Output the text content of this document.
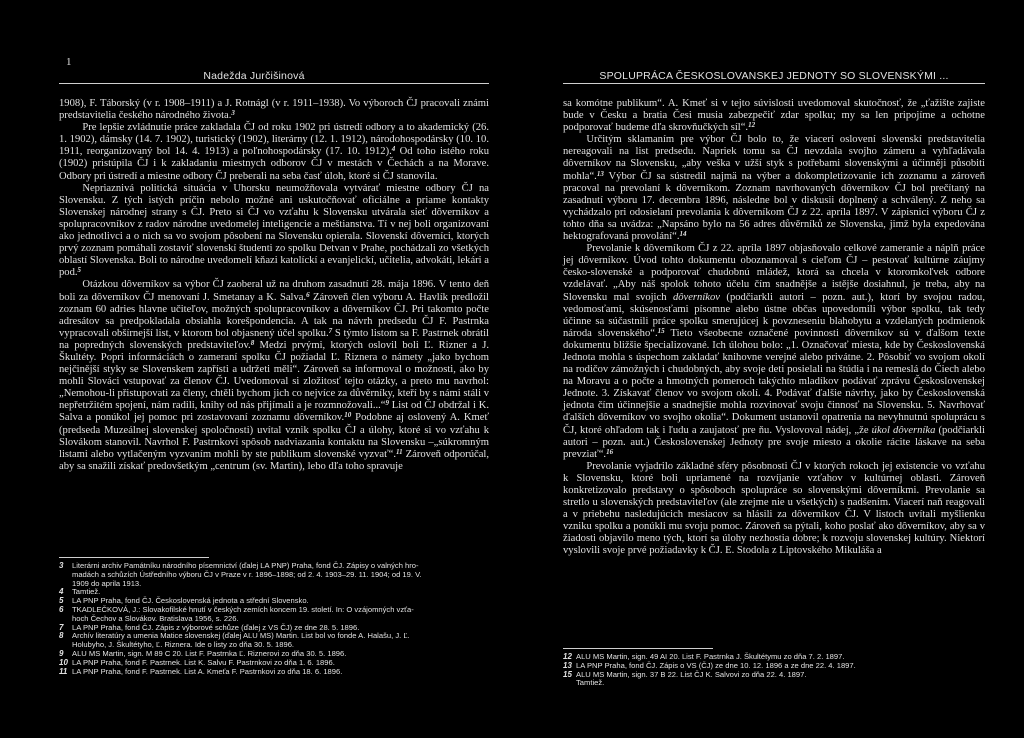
1
Nadežda Jurčišinová

1908), F. Táborský (v r. 1908–1911) a J. Rotnágl (v r. 1911–1938). Vo výboroch ČJ pracovali známi predstavitelia českého národného života.$^3$

Pre lepšie zvládnutie práce zakladala ČJ od roku 1902 pri ústredí odbory a to akademický (26. 1. 1902), dámsky (14. 7. 1902), turistický (1902), literárny (12. 1. 1912), národohospodársky (10. 10. 1911, reorganizovaný bol 14. 4. 1913) a poľnohospodársky (17. 10. 1912).$^4$ Od toho istého roku (1902) pristúpila ČJ i k zakladaniu miestnych odborov ČJ v mestách v Čechách a na Morave. Odbory pri ústredí a miestne odbory ČJ preberali na seba časť úloh, ktoré si ČJ stanovila.

Nepriaznivá politická situácia v Uhorsku neumožňovala vytvárať miestne odbory ČJ na Slovensku. Z tých istých príčin nebolo možné ani uskutočňovať oficiálne a priame kontakty Slovenskej národnej strany s ČJ. Preto si ČJ vo vzťahu k Slovensku utvárala sieť dôverníkov a spolupracovníkov z radov národne uvedomelej inteligencie a meštianstva. Tí v nej boli organizovaní ako jednotlivci a o nich sa vo svojom pôsobení na Slovensku opierala. Slovenskí dôverníci, ktorých prvý zoznam pomáhali zostaviť slovenskí študenti zo spolku Detvan v Prahe, pochádzali zo všetkých oblastí Slovenska. Boli to národne uvedomelí kňazi katolíckí a evanjelickí, učitelia, advokáti, lekári a pod.$^5$

Otázkou dôverníkov sa výbor ČJ zaoberal už na druhom zasadnutí 28. mája 1896. V tento deň boli za dôverníkov ČJ menovaní J. Smetanay a K. Salva.$^6$ Zároveň člen výboru A. Havlík predložil zoznam 60 adries hlavne učiteľov, možných spolupracovníkov a dôverníkov ČJ. Pri takomto počte adresátov sa predpokladala obsiahla korešpondencia. A tak na návrh predsedu ČJ F. Pastrnka vypracovali obšírnejší list, v ktorom bol objasnený účel spolku.$^7$ S týmto listom sa F. Pastrnek obrátil na popredných slovenských predstaviteľov.$^8$ Medzi prvými, ktorých oslovil boli Ľ. Rizner a J. Škultéty. Popri informáciách o zameraní spolku ČJ požiadal Ľ. Riznera o námety „jako bychom nejčinější styky se Slovenskem zapřísti a udržeti měli“. Zároveň sa informoval o možnosti, ako by mohli Slováci vstupovať za členov ČJ. Uvedomoval si zložitosť tejto otázky, a preto mu navrhol: „Nemohou-li přistupovati za členy, chtěli bychom jich co nejvíce za důvěrníky, kteří by s námi stáli v nepřetržitém spojení, nám radili, knihy od nás přijímali a je rozmnožovali...“$^9$ List od ČJ obdržal i K. Salva a ponúkol jej pomoc pri zostavovaní zoznamu dôverníkov.$^{10}$ Podobne aj oslovený A. Kmeť (predseda Muzeálnej slovenskej spoločnosti) uvítal vznik spolku ČJ a úlohy, ktoré si vo vzťahu k Slovákom stanovil. Navrhol F. Pastrnkovi spôsob nadviazania kontaktu na Slovensku –„súkromným listami alebo vytlačeným vyzvaním mohli by ste publikum slovenské vyzvať“.$^{11}$ Zároveň odporúčal, aby sa snažili získať predovšetkým „centrum (sv. Martin), lebo dľa toho spravuje

3	Literárni archiv Památníku národního písemnictví (ďalej LA PNP) Praha, fond ČJ. Zápisy o valných hro-
madách a schůzích Ústředního výboru ČJ v Praze v r. 1896–1898; od 2. 4. 1903–29. 11. 1904; od 19. V.
1909 do aprila 1913.
4	Tamtiež.
5	LA PNP Praha, fond ČJ. Československá jednota a střední Slovensko.
6	TKADLEČKOVÁ, J.: Slovakofilské hnutí v českých zemích koncem 19. století. In: O vzájomných vzťa-
hoch Čechov a Slovákov. Bratislava 1956, s. 226.
7	LA PNP Praha, fond ČJ. Zápis z výborové schůze (ďalej z VS ČJ) ze dne 28. 5. 1896.
8	Archív literatúry a umenia Matice slovenskej (ďalej ALU MS) Martin. List bol vo fonde A. Halašu, J. Ľ.
Holubyho, J. Škultétyho, Ľ. Riznera. Ide o listy zo dňa 30. 5. 1896.
9	ALU MS Martin, sign. M 89 C 20. List F. Pastrnka Ľ. Riznerovi zo dňa 30. 5. 1896.
10 LA PNP Praha, fond F. Pastrnek. List K. Salvu F. Pastrnkovi zo dňa 1. 6. 1896.
11 LA PNP Praha, fond F. Pastrnek. List A. Kmeťa F. Pastrnkovi zo dňa 18. 6. 1896.
SPOLUPRÁCA ČESKOSLOVANSKEJ JEDNOTY SO SLOVENSKÝMI ...

sa komótne publikum“. A. Kmeť si v tejto súvislosti uvedomoval skutočnosť, že „ťažište zajiste bude v Česku a bratia Česi musia zabezpečiť zdar spolku; my sa len pripojíme a ochotne podporovať budeme dľa skrovňučkých síl“.$^{12}$

Určitým sklamaním pre výbor ČJ bolo to, že viacerí oslovení slovenskí predstavitelia nereagovali na list predsedu. Napriek tomu sa ČJ nevzdala svojho zámeru a vyhľadávala dôverníkov na Slovensku, „aby veška v užší styk s potřebami slovenskými a účinněji působiti mohla“.$^{13}$ Výbor ČJ sa sústredil najmä na výber a dokompletizovanie ich zoznamu a zároveň pracoval na prevolaní k dôverníkom. Zoznam navrhovaných dôverníkov ČJ bol prečítaný na zasadnutí výboru 17. decembra 1896, následne bol v diskusii doplnený a schválený. Z neho sa vychádzalo pri odosielaní prevolania k dôverníkom ČJ z 22. apríla 1897. V zápisnici výboru ČJ z tohto dňa sa uvádza: „Napsáno bylo na 56 adres důvěrníků ze Slovenska, jimž byla expedována hektografovaná provolání“.$^{14}$

Prevolanie k dôverníkom ČJ z 22. apríla 1897 objasňovalo celkové zameranie a náplň práce jej dôverníkov. Úvod tohto dokumentu oboznamoval s cieľom ČJ – pestovať kultúrne záujmy česko-slovenské a podporovať chudobnú mládež, ktorá sa chcela v ktoromkoľvek odbore vzdelávať. „Aby náš spolok tohoto účelu čím snadnějše a istějše dosiahnul, je treba, aby na Slovensku mal svojich dôverníkov (podčiarkli autori – pozn. aut.), ktorí by svojou radou, vedomosťami, skúsenosťami písomne alebo ústne občas upovedomili výbor spolku, tak tedy účinne sa súčastnili práce spolku smerujúcej k povzneseniu blahobytu a vzdelaných podmienok národa slovenského“.$^{15}$ Tieto všeobecne označené povinnosti dôverníkov sú v ďalšom texte dokumentu bližšie špecializované. Ich úlohou bolo: „1. Označovať miesta, kde by Československá Jednota mohla s úspechom zakladať knihovne verejné alebo privátne. 2. Pôsobiť vo svojom okolí na rodičov zámožných i chudobných, aby svoje deti posielali na štúdia i na remeslá do Čiech alebo na Moravu a o počte a hmotných pomeroch takýchto mladíkov podávať zprávu Československej Jednote. 3. Získavať členov vo svojom okolí. 4. Podávať ďalšie návrhy, jako by Československá jednota čím účinnejšie a snadnejšie mohla rozvinovať svoju činnosť na Slovensku. 5. Navrhovať ďalších dôverníkov vo svojho okolia“. Dokument ustanovil opatrenia na nevyhnutnú spoluprácu s ČJ, ktoré ohľadom tak i ľudu a zaujatosť pre ňu. Vyslovoval nádej, „že úkol dôverníka (podčiarkli autori – pozn. aut.) Československej Jednoty pre svoje miesto a okolie rácite láskave na seba prevziať“.$^{16}$

Prevolanie vyjadrilo základné sféry pôsobnosti ČJ v ktorých rokoch jej existencie vo vzťahu k Slovensku, ktoré boli upriamené na rozvíjanie vzťahov v kultúrnej oblasti. Zároveň konkretizovalo predstavy o spôsoboch spolupráce so slovenskými dôverníkmi. Prevolanie sa stretlo u slovenských predstaviteľov (ale zrejme nie u všetkých) s nadšením. Viacerí naň reagovali a v priebehu nasledujúcich mesiacov sa hlásili za dôverníkov ČJ. V listoch uvítali myšlienku vzniku spolku a ponúkli mu svoju pomoc. Zároveň sa pýtali, koho poslať ako dôverníkov, aby sa v žiadosti objavilo meno tých, ktorí sa úlohy nezhostia dobre; k rozvoju slovenskej kultúry. Niektorí vyslovili svoje prvé požiadavky k ČJ. E. Stodola z Liptovského Mikuláša a

12 ALU MS Martin, sign. 49 AI 20. List F. Pastrnka J. Škultétymu zo dňa 7. 2. 1897.
13 LA PNP Praha, fond ČJ. Zápis o VS (ČJ) ze dne 10. 12. 1896 a ze dne 22. 4. 1897.
15 ALU MS Martin, sign. 37 B 22. List ČJ K. Salvovi zo dňa 22. 4. 1897.
Tamtiež.
